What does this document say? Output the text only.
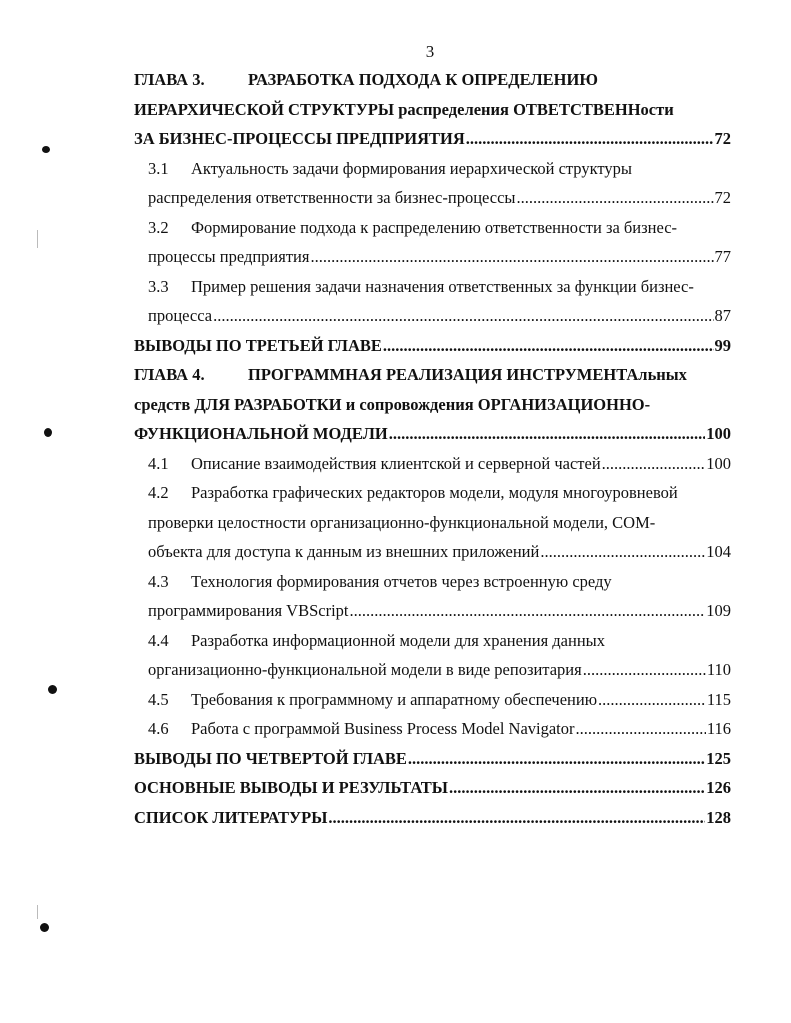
3
ГЛАВА 3.	РАЗРАБОТКА ПОДХОДА К ОПРЕДЕЛЕНИЮ
ИЕРАРХИЧЕСКОЙ СТРУКТУРЫ распределения ОТВЕТСТВЕННости
ЗА БИЗНЕС-ПРОЦЕССЫ ПРЕДПРИЯТИЯ .....	72
3.1 Актуальность задачи формирования иерархической структуры
распределения ответственности за бизнес-процессы .....	72
3.2 Формирование подхода к распределению ответственности за бизнес-
процессы предприятия .....	77
3.3 Пример решения задачи назначения ответственных за функции бизнес-
процесса .....	87
ВЫВОДЫ ПО ТРЕТЬЕЙ ГЛАВЕ .....	99
ГЛАВА 4.	ПРОГРАММНАЯ РЕАЛИЗАЦИЯ ИНСТРУМЕНТАльных
средств ДЛЯ РАЗРАБОТКИ и сопровождения ОРГАНИЗАЦИОННО-
ФУНКЦИОНАЛЬНОЙ МОДЕЛИ .....	100
4.1 Описание взаимодействия клиентской и серверной частей .....	100
4.2 Разработка графических редакторов модели, модуля многоуровневой
проверки целостности организационно-функциональной модели, COM-
объекта для доступа к данным из внешних приложений .....	104
4.3 Технология формирования отчетов через встроенную среду
программирования VBScript .....	109
4.4 Разработка информационной модели для хранения данных
организационно-функциональной модели в виде репозитария .....	110
4.5 Требования к программному и аппаратному обеспечению .....	115
4.6 Работа с программой Business Process Model Navigator .....	116
ВЫВОДЫ ПО ЧЕТВЕРТОЙ ГЛАВЕ .....	125
ОСНОВНЫЕ ВЫВОДЫ И РЕЗУЛЬТАТЫ .....	126
СПИСОК ЛИТЕРАТУРЫ .....	128
